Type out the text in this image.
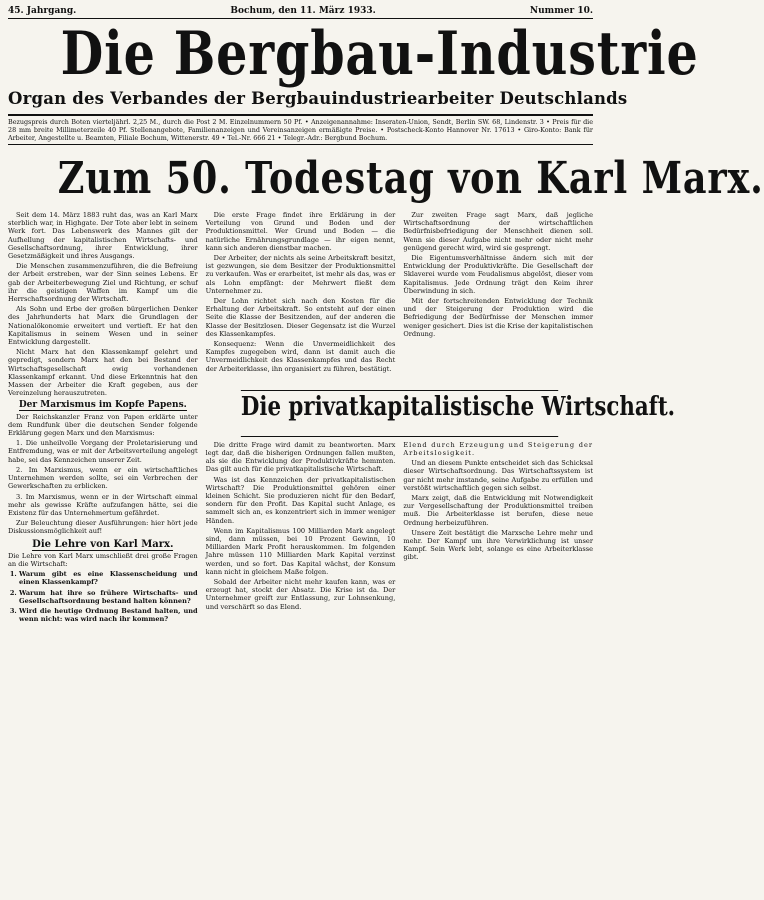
45. Jahrgang.	Bochum, den 11. März 1933.	Nummer 10.
Die Bergbau-Industrie
Organ des Verbandes der Bergbauindustriearbeiter Deutschlands
Bezugspreis durch Boten vierteljährl. 2,25 M., durch die Post 2 M. Einzelnummern 50 Pf. • Anzeigenannahme: Inseraten-Union, Sendt, Berlin SW. 68, Lindenstr. 3 • Preis für die 28 mm breite Millimeterzeile 40 Pf. Stellenangebote, Familienanzeigen und Vereinsanzeigen ermäßigte Preise. • Postscheck-Konto Hannover Nr. 17613 • Giro-Konto: Bank für Arbeiter, Angestellte u. Beamten, Filiale Bochum, Wittenerstr. 49 • Tel.-Nr. 666 21 • Telegr.-Adr.: Bergbund Bochum.
Zum 50. Todestag von Karl Marx.

Seit dem 14. März 1883 ruht das, was an Karl Marx sterblich war, in Highgate. Der Tote aber lebt in seinem Werk fort. Das Lebenswerk des Mannes gilt der Aufhellung der kapitalistischen Wirtschafts- und Gesellschaftsordnung, ihrer Entwicklung, ihrer Gesetzmäßigkeit und ihres Ausgangs.

Die Menschen zusammenzuführen, die die Befreiung der Arbeit erstreben, war der Sinn seines Lebens. Er gab der Arbeiterbewegung Ziel und Richtung, er schuf ihr die geistigen Waffen im Kampf um die Herrschaftsordnung der Wirtschaft.

Als Sohn und Erbe der großen bürgerlichen Denker des Jahrhunderts hat Marx die Grundlagen der Nationalökonomie erweitert und vertieft. Er hat den Kapitalismus in seinem Wesen und in seiner Entwicklung dargestellt.

Nicht Marx hat den Klassenkampf gelehrt und gepredigt, sondern Marx hat den bei Bestand der Wirtschaftsgesellschaft ewig vorhandenen Klassenkampf erkannt. Und diese Erkenntnis hat den Massen der Arbeiter die Kraft gegeben, aus der Vereinzelung herauszutreten.

Der Marxismus im Kopfe Papens.

Der Reichskanzler Franz von Papen erklärte unter dem Rundfunk über die deutschen Sender folgende Erklärung gegen Marx und den Marxismus:

1. Die unheilvolle Vorgang der Proletarisierung und Entfremdung, was er mit der Arbeitsverteilung angelegt habe, sei das Kennzeichen unserer Zeit.

2. Im Marxismus, wenn er ein wirtschaftliches Unternehmen werden sollte, sei ein Verbrechen der Gewerkschaften zu erblicken.

3. Im Marxismus, wenn er in der Wirtschaft einmal mehr als gewisse Kräfte aufzufangen hätte, sei die Existenz für das Unternehmertum gefährdet.

Zur Beleuchtung dieser Ausführungen: hier hört jede Diskussionsmöglichkeit auf!

Die Lehre von Karl Marx.

Die Lehre von Karl Marx umschließt drei große Fragen an die Wirtschaft:

1. Warum gibt es eine Klassenscheidung und einen Klassenkampf?
2. Warum hat ihre so frühere Wirtschafts- und Gesellschaftsordnung bestand halten können?
3. Wird die heutige Ordnung Bestand halten, und wenn nicht: was wird nach ihr kommen?

Die erste Frage findet ihre Erklärung in der Verteilung von Grund und Boden und der Produktionsmittel. Wer Grund und Boden — die natürliche Ernährungsgrundlage — ihr eigen nennt, kann sich anderen dienstbar machen.

Der Arbeiter, der nichts als seine Arbeitskraft besitzt, ist gezwungen, sie dem Besitzer der Produktionsmittel zu verkaufen. Was er erarbeitet, ist mehr als das, was er als Lohn empfängt: der Mehrwert fließt dem Unternehmer zu.

Der Lohn richtet sich nach den Kosten für die Erhaltung der Arbeitskraft. So entsteht auf der einen Seite die Klasse der Besitzenden, auf der anderen die Klasse der Besitzlosen. Dieser Gegensatz ist die Wurzel des Klassenkampfes.

Konsequenz: Wenn die Unvermeidlichkeit des Kampfes zugegeben wird, dann ist damit auch die Unvermeidlichkeit des Klassenkampfes und das Recht der Arbeiterklasse, ihn organisiert zu führen, bestätigt.

Zur zweiten Frage sagt Marx, daß jegliche Wirtschaftsordnung der wirtschaftlichen Bedürfnisbefriedigung der Menschheit dienen soll. Wenn sie dieser Aufgabe nicht mehr oder nicht mehr genügend gerecht wird, wird sie gesprengt.

Die Eigentumsverhältnisse ändern sich mit der Entwicklung der Produktivkräfte. Die Gesellschaft der Sklaverei wurde vom Feudalismus abgelöst, dieser vom Kapitalismus. Jede Ordnung trägt den Keim ihrer Überwindung in sich.

Mit der fortschreitenden Entwicklung der Technik und der Steigerung der Produktion wird die Befriedigung der Bedürfnisse der Menschen immer weniger gesichert. Dies ist die Krise der kapitalistischen Ordnung.

Die privatkapitalistische Wirtschaft.

Die dritte Frage wird damit zu beantworten. Marx legt dar, daß die bisherigen Ordnungen fallen mußten, als sie die Entwicklung der Produktivkräfte hemmten. Das gilt auch für die privatkapitalistische Wirtschaft.

Was ist das Kennzeichen der privatkapitalistischen Wirtschaft? Die Produktionsmittel gehören einer kleinen Schicht. Sie produzieren nicht für den Bedarf, sondern für den Profit. Das Kapital sucht Anlage, es sammelt sich an, es konzentriert sich in immer weniger Händen.

Wenn im Kapitalismus 100 Milliarden Mark angelegt sind, dann müssen, bei 10 Prozent Gewinn, 10 Milliarden Mark Profit herauskommen. Im folgenden Jahre müssen 110 Milliarden Mark Kapital verzinst werden, und so fort. Das Kapital wächst, der Konsum kann nicht in gleichem Maße folgen.

Sobald der Arbeiter nicht mehr kaufen kann, was er erzeugt hat, stockt der Absatz. Die Krise ist da. Der Unternehmer greift zur Entlassung, zur Lohnsenkung, und verschärft so das Elend.

Elend durch Erzeugung und Steigerung der Arbeitslosigkeit.

Und an diesem Punkte entscheidet sich das Schicksal dieser Wirtschaftsordnung. Das Wirtschaftssystem ist gar nicht mehr imstande, seine Aufgabe zu erfüllen und verstößt wirtschaftlich gegen sich selbst.

Marx zeigt, daß die Entwicklung mit Notwendigkeit zur Vergesellschaftung der Produktionsmittel treiben muß. Die Arbeiterklasse ist berufen, diese neue Ordnung herbeizuführen.

Unsere Zeit bestätigt die Marxsche Lehre mehr und mehr. Der Kampf um ihre Verwirklichung ist unser Kampf. Sein Werk lebt, solange es eine Arbeiterklasse gibt.
